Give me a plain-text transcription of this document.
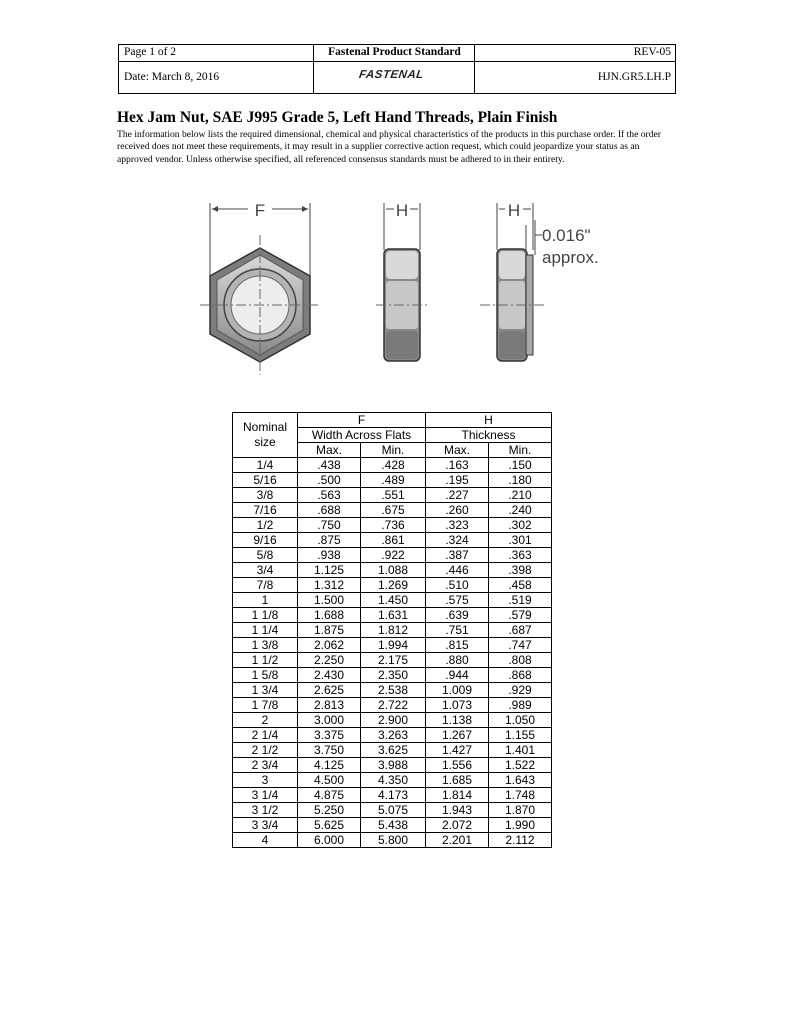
Page 1 of 2	Fastenal Product Standard	REV-05
Date: March 8, 2016	FASTENAL	HJN.GR5.LH.P
Hex Jam Nut, SAE J995 Grade 5, Left Hand Threads, Plain Finish

The information below lists the required dimensional, chemical and physical characteristics of the products in this purchase order. If the order received does not meet these requirements, it may result in a supplier corrective action request, which could jeopardize your status as an approved vendor. Unless otherwise specified, all referenced consensus standards must be adhered to in their entirety.

F	H	H
0.016"
approx.
Nominal size	F		H	
	Width Across Flats		Thickness	
	Max.	Min.	Max.	Min.
1/4	.438	.428	.163	.150
5/16	.500	.489	.195	.180
3/8	.563	.551	.227	.210
7/16	.688	.675	.260	.240
1/2	.750	.736	.323	.302
9/16	.875	.861	.324	.301
5/8	.938	.922	.387	.363
3/4	1.125	1.088	.446	.398
7/8	1.312	1.269	.510	.458
1	1.500	1.450	.575	.519
1 1/8	1.688	1.631	.639	.579
1 1/4	1.875	1.812	.751	.687
1 3/8	2.062	1.994	.815	.747
1 1/2	2.250	2.175	.880	.808
1 5/8	2.430	2.350	.944	.868
1 3/4	2.625	2.538	1.009	.929
1 7/8	2.813	2.722	1.073	.989
2	3.000	2.900	1.138	1.050
2 1/4	3.375	3.263	1.267	1.155
2 1/2	3.750	3.625	1.427	1.401
2 3/4	4.125	3.988	1.556	1.522
3	4.500	4.350	1.685	1.643
3 1/4	4.875	4.173	1.814	1.748
3 1/2	5.250	5.075	1.943	1.870
3 3/4	5.625	5.438	2.072	1.990
4	6.000	5.800	2.201	2.112
